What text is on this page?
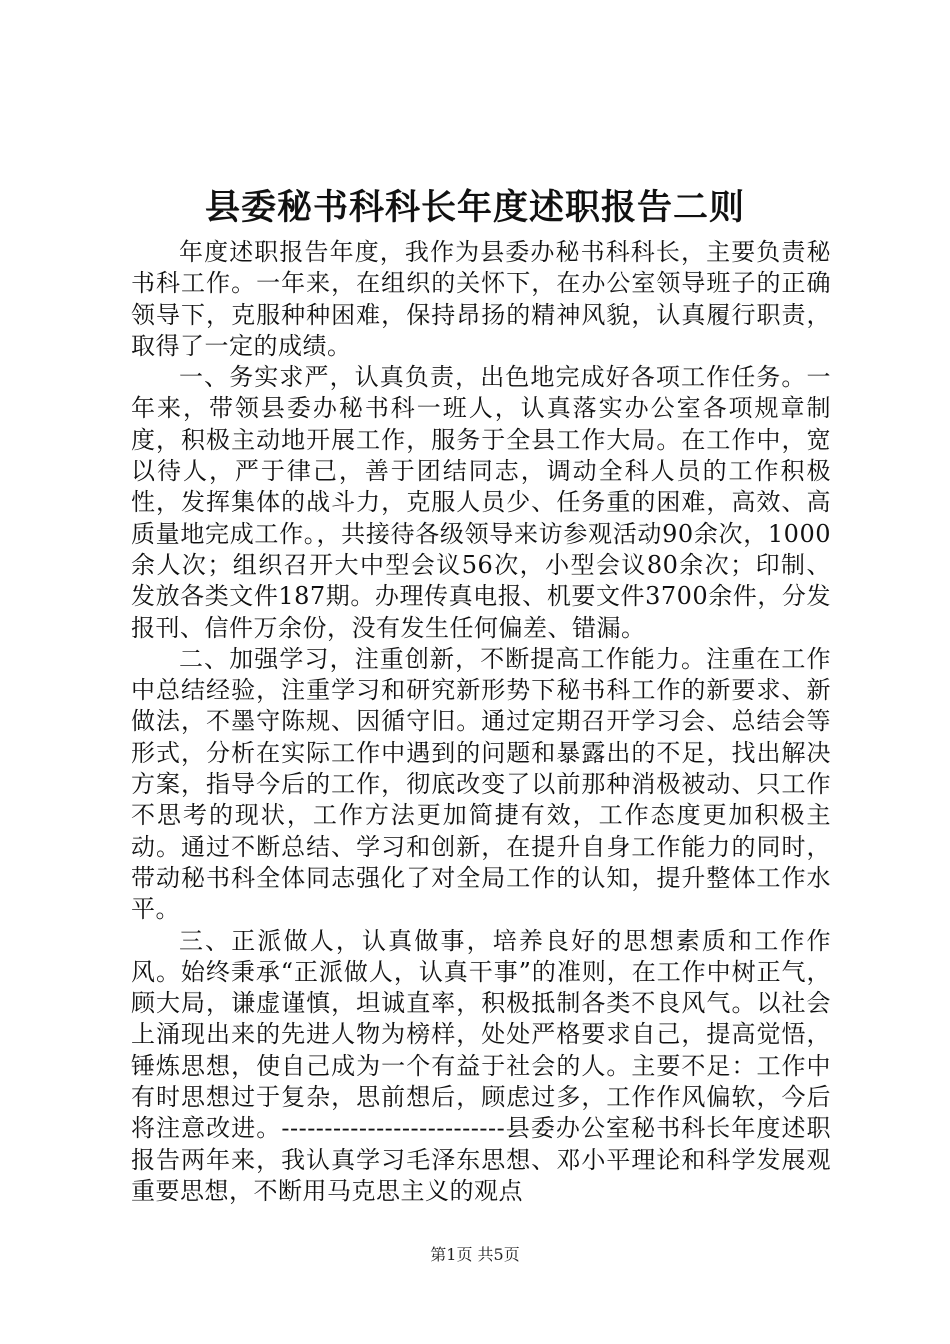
县委秘书科科长年度述职报告二则

年度述职报告年度，我作为县委办秘书科科长，主要负责秘书科工作。一年来，在组织的关怀下，在办公室领导班子的正确领导下，克服种种困难，保持昂扬的精神风貌，认真履行职责，取得了一定的成绩。

一、务实求严，认真负责，出色地完成好各项工作任务。一年来，带领县委办秘书科一班人，认真落实办公室各项规章制度，积极主动地开展工作，服务于全县工作大局。在工作中，宽以待人，严于律己，善于团结同志，调动全科人员的工作积极性，发挥集体的战斗力，克服人员少、任务重的困难，高效、高质量地完成工作。，共接待各级领导来访参观活动90余次，1000余人次；组织召开大中型会议56次，小型会议80余次；印制、发放各类文件187期。办理传真电报、机要文件3700余件，分发报刊、信件万余份，没有发生任何偏差、错漏。

二、加强学习，注重创新，不断提高工作能力。注重在工作中总结经验，注重学习和研究新形势下秘书科工作的新要求、新做法，不墨守陈规、因循守旧。通过定期召开学习会、总结会等形式，分析在实际工作中遇到的问题和暴露出的不足，找出解决方案，指导今后的工作，彻底改变了以前那种消极被动、只工作不思考的现状，工作方法更加简捷有效，工作态度更加积极主动。通过不断总结、学习和创新，在提升自身工作能力的同时，带动秘书科全体同志强化了对全局工作的认知，提升整体工作水平。

三、正派做人，认真做事，培养良好的思想素质和工作作风。始终秉承“正派做人，认真干事”的准则，在工作中树正气，顾大局，谦虚谨慎，坦诚直率，积极抵制各类不良风气。以社会上涌现出来的先进人物为榜样，处处严格要求自己，提高觉悟，锤炼思想，使自己成为一个有益于社会的人。主要不足：工作中有时思想过于复杂，思前想后，顾虑过多，工作作风偏软，今后将注意改进。--------------------------县委办公室秘书科长年度述职报告两年来，我认真学习毛泽东思想、邓小平理论和科学发展观重要思想，不断用马克思主义的观点

第1页 共5页
